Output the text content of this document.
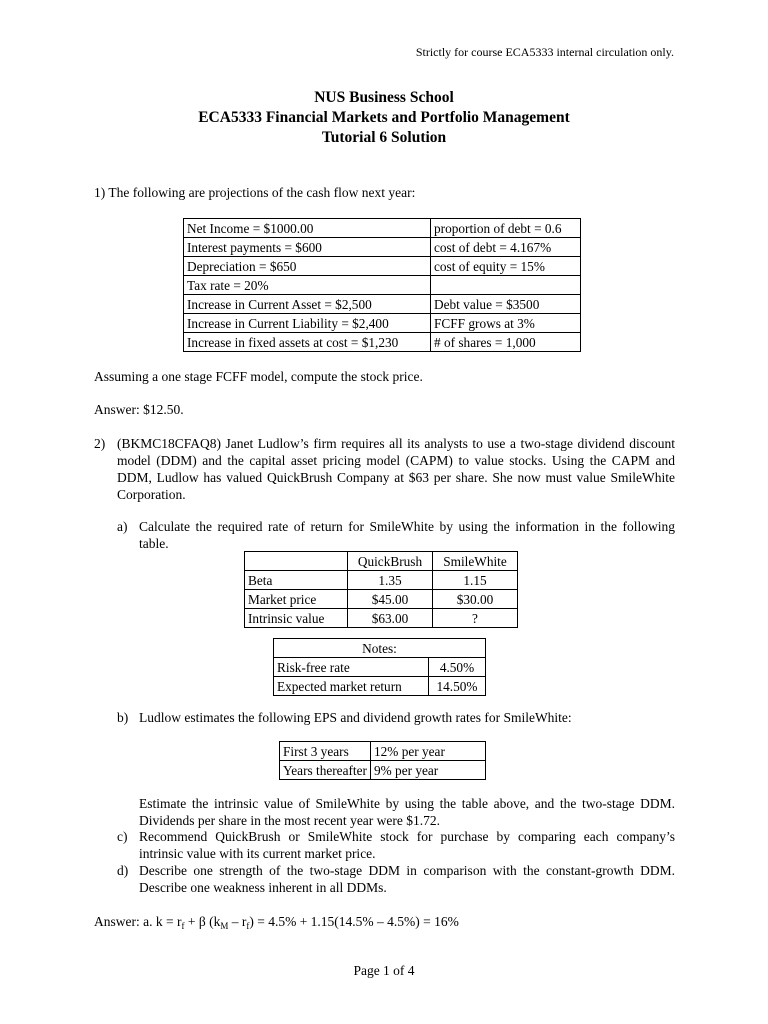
Strictly for course ECA5333 internal circulation only.
NUS Business School
ECA5333 Financial Markets and Portfolio Management
Tutorial 6 Solution
1) The following are projections of the cash flow next year:
Net Income = $1000.00	proportion of debt = 0.6
Interest payments = $600	cost of debt = 4.167%
Depreciation = $650	cost of equity = 15%
Tax rate = 20%	
Increase in Current Asset = $2,500	Debt value = $3500
Increase in Current Liability = $2,400	FCFF grows at 3%
Increase in fixed assets at cost = $1,230	# of shares = 1,000
Assuming a one stage FCFF model, compute the stock price.
Answer: $12.50.
2) (BKMC18CFAQ8) Janet Ludlow’s firm requires all its analysts to use a two-stage dividend discount model (DDM) and the capital asset pricing model (CAPM) to value stocks. Using the CAPM and DDM, Ludlow has valued QuickBrush Company at $63 per share. She now must value SmileWhite Corporation.
a) Calculate the required rate of return for SmileWhite by using the information in the following table.
	QuickBrush	SmileWhite
Beta	1.35	1.15
Market price	$45.00	$30.00
Intrinsic value	$63.00	?
Notes:	
Risk-free rate	4.50%
Expected market return	14.50%
b) Ludlow estimates the following EPS and dividend growth rates for SmileWhite:
First 3 years	12% per year
Years thereafter	9% per year
Estimate the intrinsic value of SmileWhite by using the table above, and the two-stage DDM. Dividends per share in the most recent year were $1.72.
c) Recommend QuickBrush or SmileWhite stock for purchase by comparing each company’s intrinsic value with its current market price.
d) Describe one strength of the two-stage DDM in comparison with the constant-growth DDM. Describe one weakness inherent in all DDMs.
Answer: a. $k = r_f + \beta$ $(k_M - r_f) = 4.5\% + 1.15(14.5\% - 4.5\%) = 16\%$
Page 1 of 4
